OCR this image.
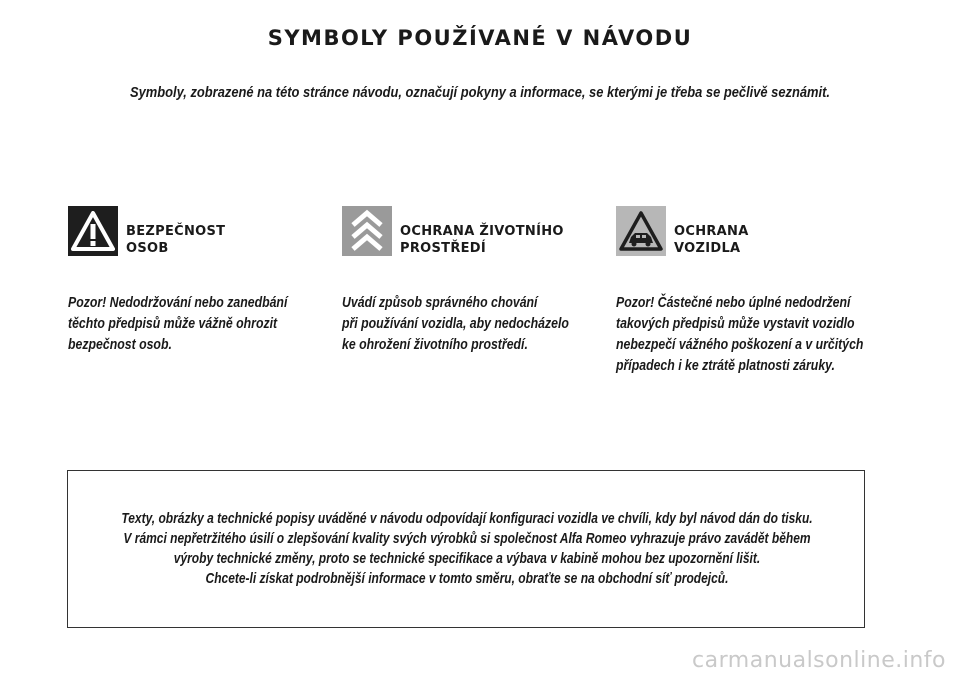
SYMBOLY POUŽÍVANÉ V NÁVODU
Symboly, zobrazené na této stránce návodu, označují pokyny a informace, se kterými je třeba se pečlivě seznámit.
BEZPEČNOST
OSOB
Pozor! Nedodržování nebo zanedbání
těchto předpisů může vážně ohrozit
bezpečnost osob.
OCHRANA ŽIVOTNÍHO
PROSTŘEDÍ
Uvádí způsob správného chování
při používání vozidla, aby nedocházelo
ke ohrožení životního prostředí.
OCHRANA
VOZIDLA
Pozor! Částečné nebo úplné nedodržení
takových předpisů může vystavit vozidlo
nebezpečí vážného poškození a v určitých
případech i ke ztrátě platnosti záruky.
Texty, obrázky a technické popisy uváděné v návodu odpovídají konfiguraci vozidla ve chvíli, kdy byl návod dán do tisku.
V rámci nepřetržitého úsilí o zlepšování kvality svých výrobků si společnost Alfa Romeo vyhrazuje právo zavádět během
výroby technické změny, proto se technické specifikace a výbava v kabině mohou bez upozornění lišit.
Chcete-li získat podrobnější informace v tomto směru, obraťte se na obchodní síť prodejců.
carmanualsonline.info
